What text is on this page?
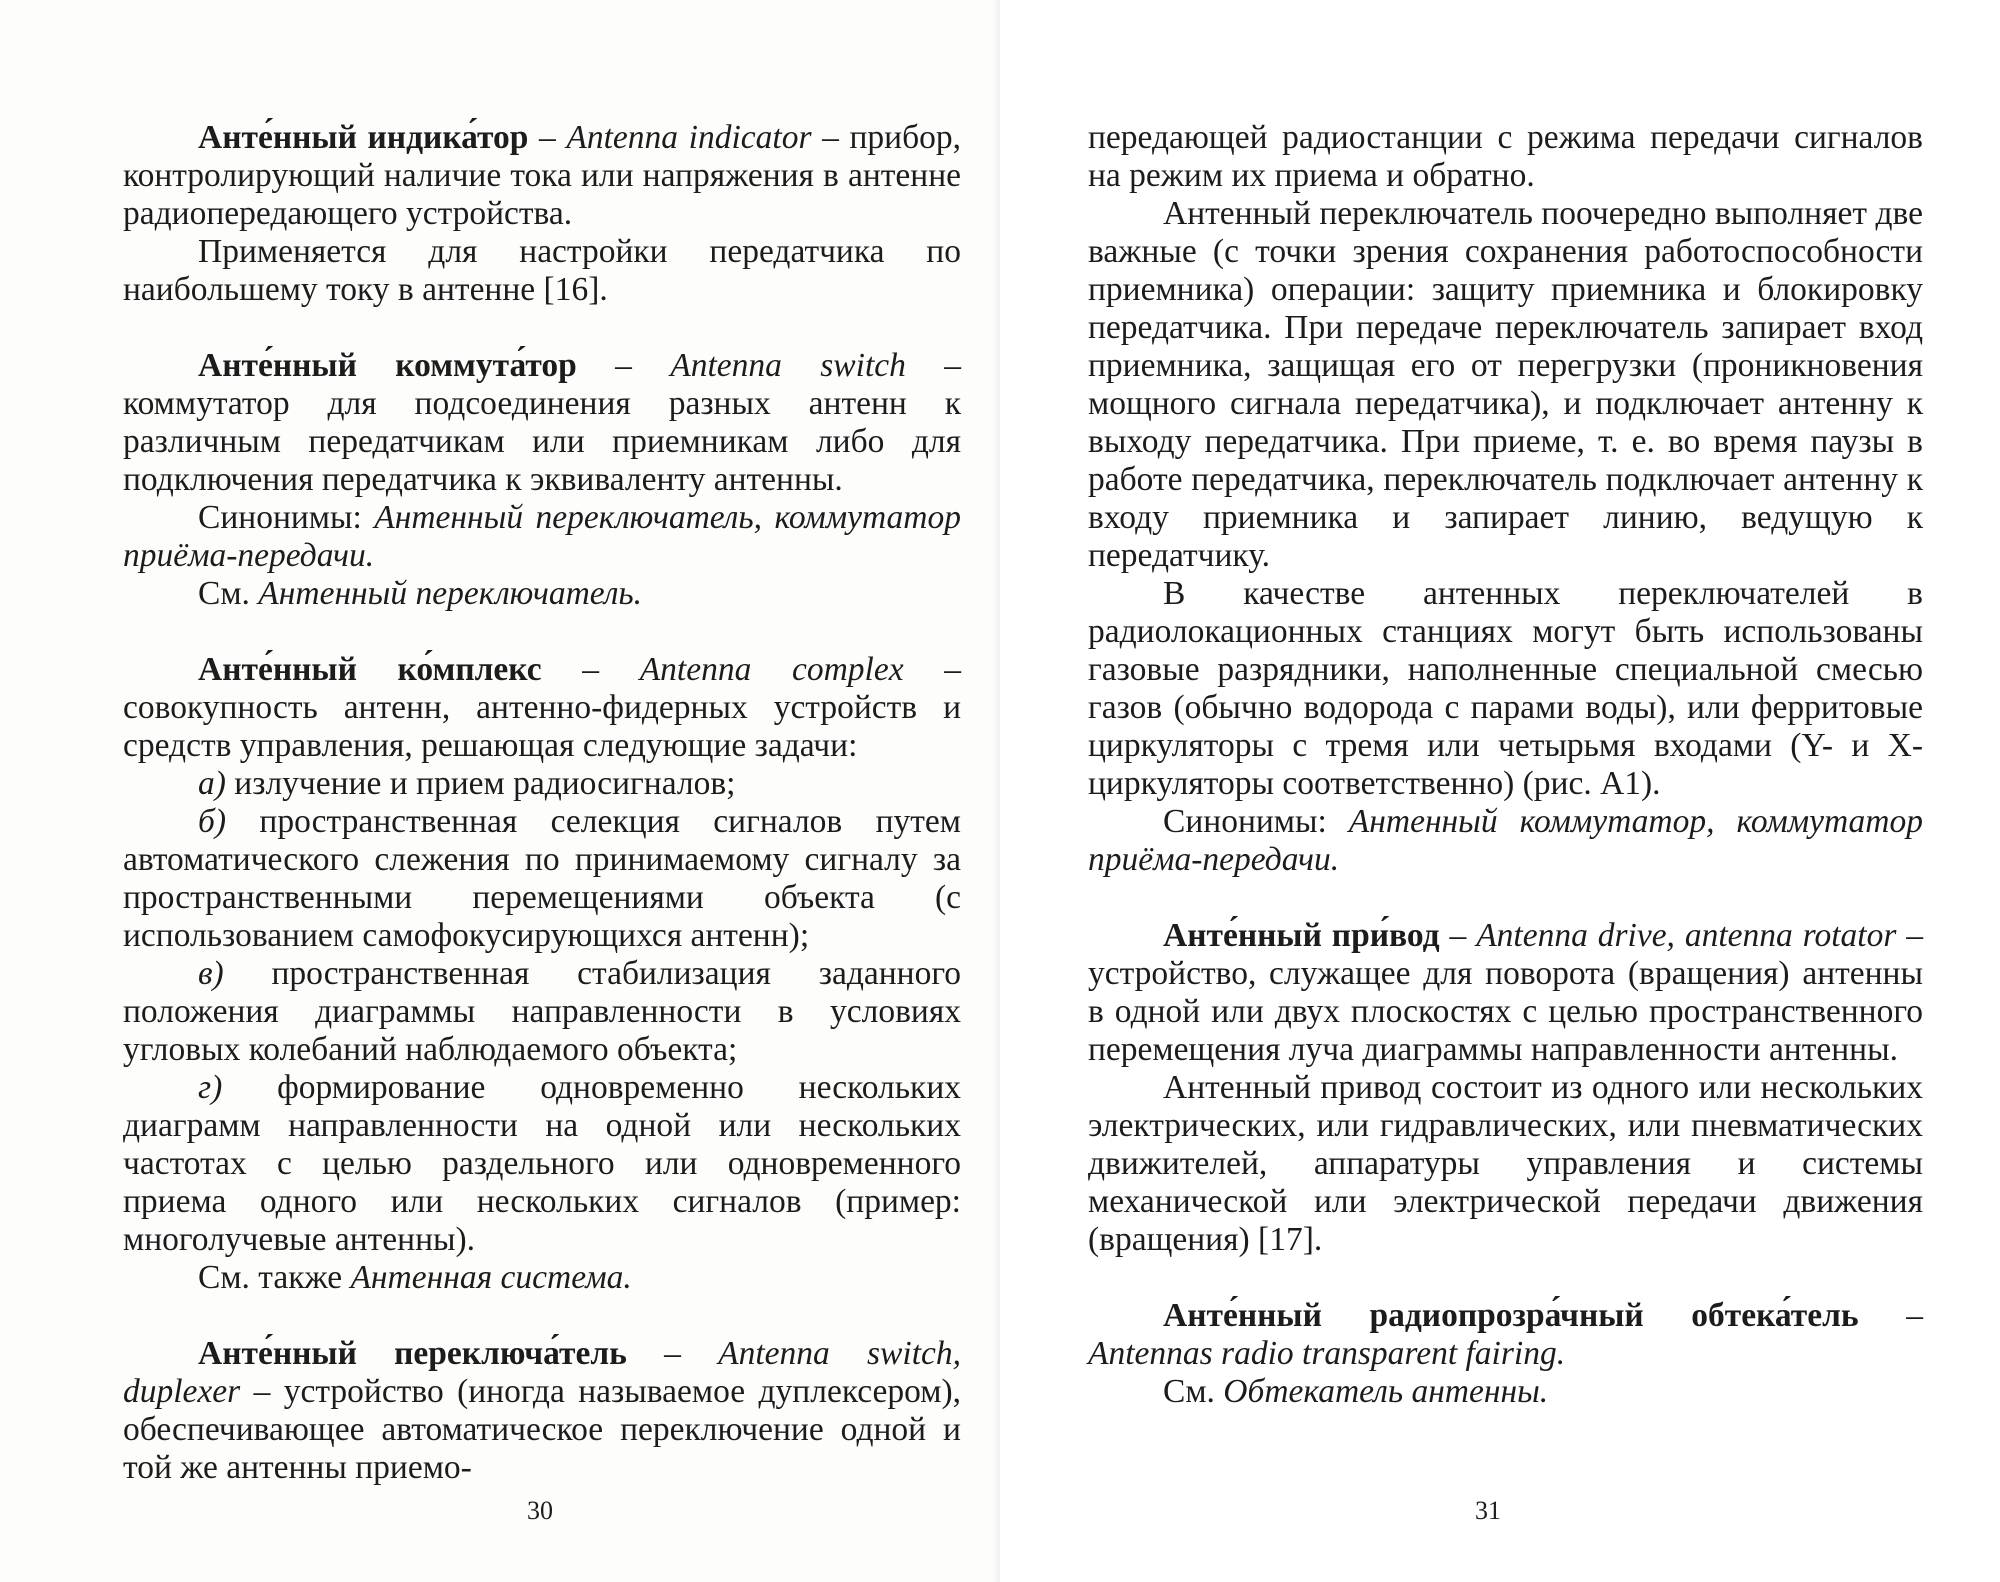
Анте́нный индика́тор – Antenna indicator – прибор, контролирующий наличие тока или напряжения в антенне радиопередающего устройства.

Применяется для настройки передатчика по наибольшему току в антенне [16].

Анте́нный коммута́тор – Antenna switch – коммутатор для подсоединения разных антенн к различным передатчикам или приемникам либо для подключения передатчика к эквиваленту антенны.

Синонимы: Антенный переключатель, коммутатор приёма-передачи.

См. Антенный переключатель.

Анте́нный ко́мплекс – Antenna complex – совокупность антенн, антенно-фидерных устройств и средств управления, решающая следующие задачи:

а) излучение и прием радиосигналов;

б) пространственная селекция сигналов путем автоматического слежения по принимаемому сигналу за пространственными перемещениями объекта (с использованием самофокусирующихся антенн);

в) пространственная стабилизация заданного положения диаграммы направленности в условиях угловых колебаний наблюдаемого объекта;

г) формирование одновременно нескольких диаграмм направленности на одной или нескольких частотах с целью раздельного или одновременного приема одного или нескольких сигналов (пример: многолучевые антенны).

См. также Антенная система.

Анте́нный переключа́тель – Antenna switch, duplexer – устройство (иногда называемое дуплексером), обеспечивающее автоматическое переключение одной и той же антенны приемо-

30

передающей радиостанции с режима передачи сигналов на режим их приема и обратно.

Антенный переключатель поочередно выполняет две важные (с точки зрения сохранения работоспособности приемника) операции: защиту приемника и блокировку передатчика. При передаче переключатель запирает вход приемника, защищая его от перегрузки (проникновения мощного сигнала передатчика), и подключает антенну к выходу передатчика. При приеме, т. е. во время паузы в работе передатчика, переключатель подключает антенну к входу приемника и запирает линию, ведущую к передатчику.

В качестве антенных переключателей в радиолокационных станциях могут быть использованы газовые разрядники, наполненные специальной смесью газов (обычно водорода с парами воды), или ферритовые циркуляторы с тремя или четырьмя входами (Y- и X-циркуляторы соответственно) (рис. А1).

Синонимы: Антенный коммутатор, коммутатор приёма-передачи.

Анте́нный при́вод – Antenna drive, antenna rotator – устройство, служащее для поворота (вращения) антенны в одной или двух плоскостях с целью пространственного перемещения луча диаграммы направленности антенны.

Антенный привод состоит из одного или нескольких электрических, или гидравлических, или пневматических движителей, аппаратуры управления и системы механической или электрической передачи движения (вращения) [17].

Анте́нный радиопрозра́чный обтека́тель – Antennas radio transparent fairing.

См. Обтекатель антенны.

31
